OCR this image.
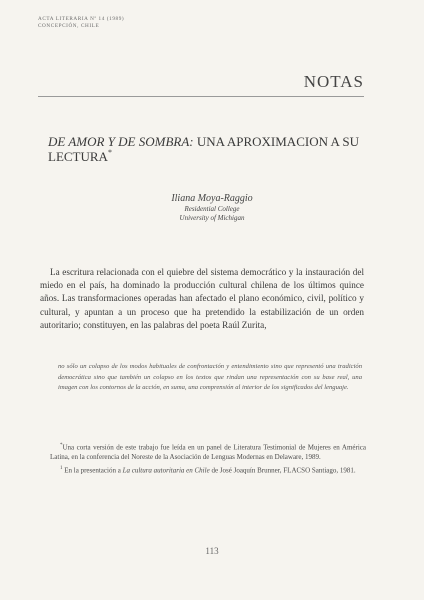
ACTA LITERARIA Nº 14 (1989)
CONCEPCIÓN, CHILE
NOTAS
DE AMOR Y DE SOMBRA: UNA APROXIMACION A SU LECTURA*
Iliana Moya-Raggio
Residential College
University of Michigan

La escritura relacionada con el quiebre del sistema democrático y la instauración del miedo en el país, ha dominado la producción cultural chilena de los últimos quince años. Las transformaciones operadas han afectado el plano económico, civil, político y cultural, y apuntan a un proceso que ha pretendido la estabilización de un orden autoritario; constituyen, en las palabras del poeta Raúl Zurita,

no sólo un colapso de los modos habituales de confrontación y entendimiento sino que representó una tradición democrática sino que también un colapso en los textos que rindan una representación con su base real, una imagen con los contornos de la acción, en suma, una comprensión al interior de los significados del lenguaje.

*Una corta versión de este trabajo fue leída en un panel de Literatura Testimonial de Mujeres en América Latina, en la conferencia del Noreste de la Asociación de Lenguas Modernas en Delaware, 1989.

$^1$ En la presentación a La cultura autoritaria en Chile de José Joaquín Brunner, FLACSO Santiago, 1981.

113
